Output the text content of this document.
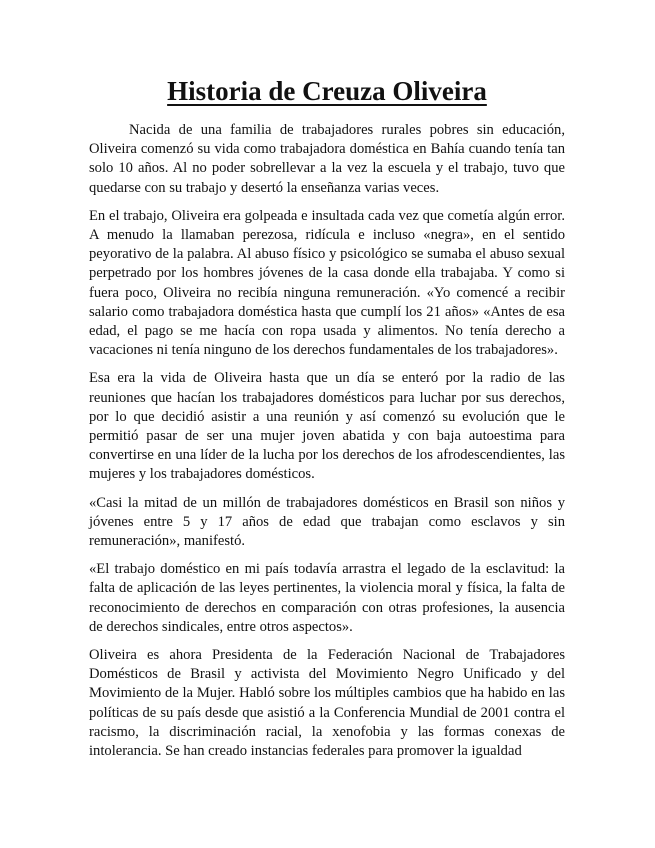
Historia de Creuza Oliveira

Nacida de una familia de trabajadores rurales pobres sin educación, Oliveira comenzó su vida como trabajadora doméstica en Bahía cuando tenía tan solo 10 años. Al no poder sobrellevar a la vez la escuela y el trabajo, tuvo que quedarse con su trabajo y desertó la enseñanza varias veces.

En el trabajo, Oliveira era golpeada e insultada cada vez que cometía algún error. A menudo la llamaban perezosa, ridícula e incluso «negra», en el sentido peyorativo de la palabra. Al abuso físico y psicológico se sumaba el abuso sexual perpetrado por los hombres jóvenes de la casa donde ella trabajaba. Y como si fuera poco, Oliveira no recibía ninguna remuneración. «Yo comencé a recibir salario como trabajadora doméstica hasta que cumplí los 21 años» «Antes de esa edad, el pago se me hacía con ropa usada y alimentos. No tenía derecho a vacaciones ni tenía ninguno de los derechos fundamentales de los trabajadores».

Esa era la vida de Oliveira hasta que un día se enteró por la radio de las reuniones que hacían los trabajadores domésticos para luchar por sus derechos, por lo que decidió asistir a una reunión y así comenzó su evolución que le permitió pasar de ser una mujer joven abatida y con baja autoestima para convertirse en una líder de la lucha por los derechos de los afrodescendientes, las mujeres y los trabajadores domésticos.

«Casi la mitad de un millón de trabajadores domésticos en Brasil son niños y jóvenes entre 5 y 17 años de edad que trabajan como esclavos y sin remuneración», manifestó.

«El trabajo doméstico en mi país todavía arrastra el legado de la esclavitud: la falta de aplicación de las leyes pertinentes, la violencia moral y física, la falta de reconocimiento de derechos en comparación con otras profesiones, la ausencia de derechos sindicales, entre otros aspectos».

Oliveira es ahora Presidenta de la Federación Nacional de Trabajadores Domésticos de Brasil y activista del Movimiento Negro Unificado y del Movimiento de la Mujer. Habló sobre los múltiples cambios que ha habido en las políticas de su país desde que asistió a la Conferencia Mundial de 2001 contra el racismo, la discriminación racial, la xenofobia y las formas conexas de intolerancia. Se han creado instancias federales para promover la igualdad
